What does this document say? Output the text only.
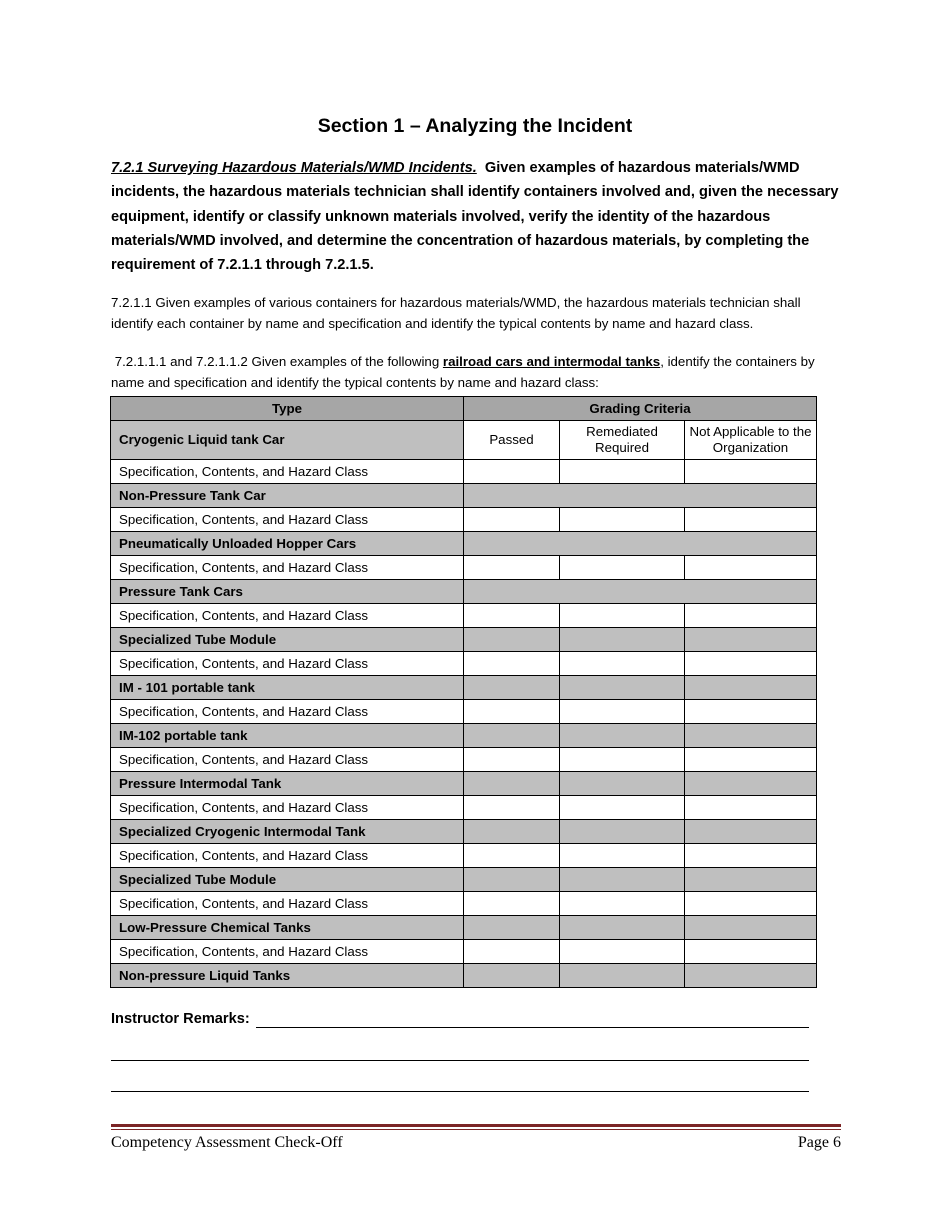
Section 1 – Analyzing the Incident
7.2.1 Surveying Hazardous Materials/WMD Incidents. Given examples of hazardous materials/WMD incidents, the hazardous materials technician shall identify containers involved and, given the necessary equipment, identify or classify unknown materials involved, verify the identity of the hazardous materials/WMD involved, and determine the concentration of hazardous materials, by completing the requirement of 7.2.1.1 through 7.2.1.5.
7.2.1.1 Given examples of various containers for hazardous materials/WMD, the hazardous materials technician shall identify each container by name and specification and identify the typical contents by name and hazard class.
7.2.1.1.1 and 7.2.1.1.2 Given examples of the following railroad cars and intermodal tanks, identify the containers by name and specification and identify the typical contents by name and hazard class:
Type	Grading Criteria		
Cryogenic Liquid tank Car	Passed	Remediated Required	Not Applicable to the Organization
Specification, Contents, and Hazard Class			
Non-Pressure Tank Car			
Specification, Contents, and Hazard Class			
Pneumatically Unloaded Hopper Cars			
Specification, Contents, and Hazard Class			
Pressure Tank Cars			
Specification, Contents, and Hazard Class			
Specialized Tube Module			
Specification, Contents, and Hazard Class			
IM - 101 portable tank			
Specification, Contents, and Hazard Class			
IM-102 portable tank			
Specification, Contents, and Hazard Class			
Pressure Intermodal Tank			
Specification, Contents, and Hazard Class			
Specialized Cryogenic Intermodal Tank			
Specification, Contents, and Hazard Class			
Specialized Tube Module			
Specification, Contents, and Hazard Class			
Low-Pressure Chemical Tanks			
Specification, Contents, and Hazard Class			
Non-pressure Liquid Tanks			
Instructor Remarks:
Competency Assessment Check-Off	Page 6
